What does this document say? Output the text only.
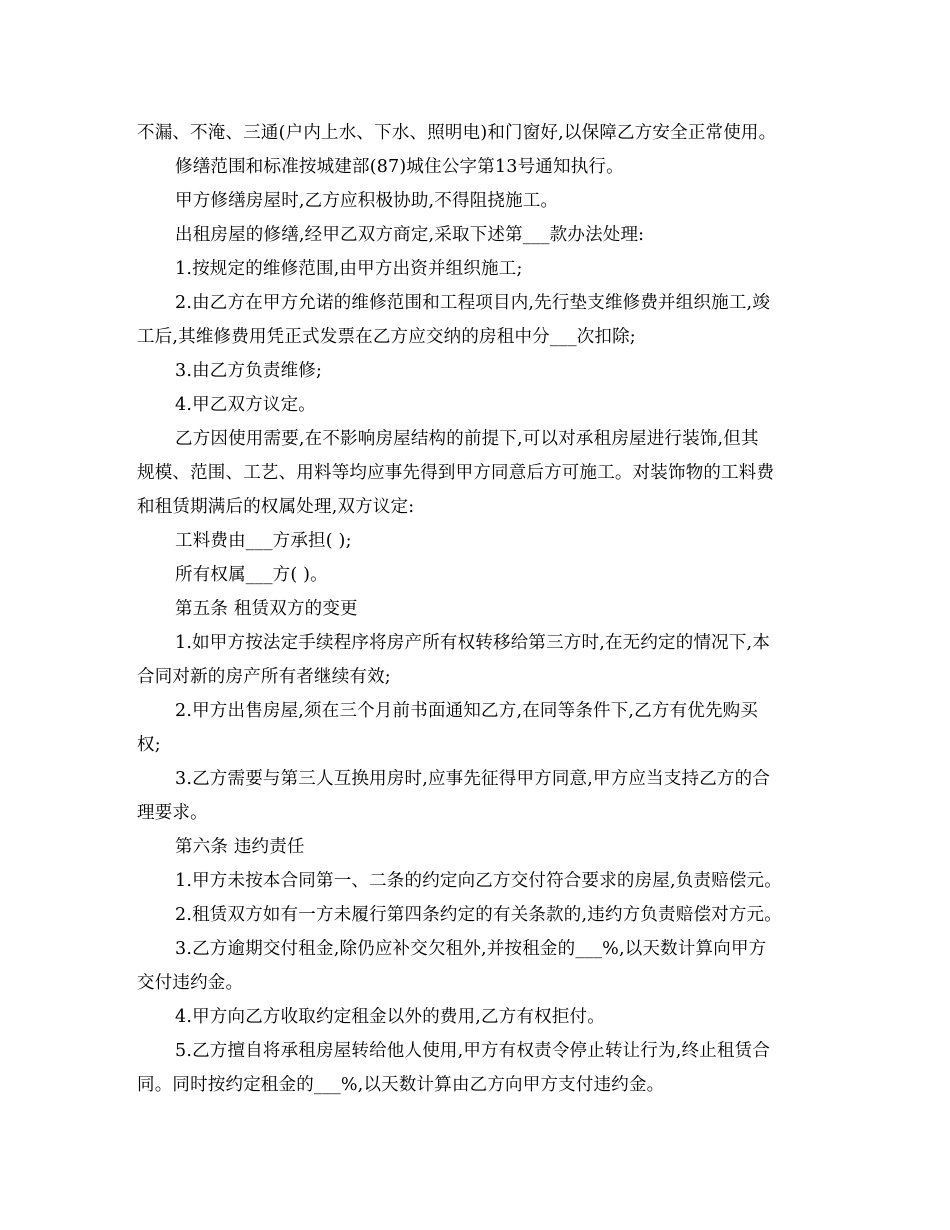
不漏、不淹、三通(户内上水、下水、照明电)和门窗好,以保障乙方安全正常使用。

修缮范围和标准按城建部(87)城住公字第13号通知执行。

甲方修缮房屋时,乙方应积极协助,不得阻挠施工。

出租房屋的修缮,经甲乙双方商定,采取下述第___款办法处理:

1.按规定的维修范围,由甲方出资并组织施工;

2.由乙方在甲方允诺的维修范围和工程项目内,先行垫支维修费并组织施工,竣

工后,其维修费用凭正式发票在乙方应交纳的房租中分___次扣除;

3.由乙方负责维修;

4.甲乙双方议定。

乙方因使用需要,在不影响房屋结构的前提下,可以对承租房屋进行装饰,但其

规模、范围、工艺、用料等均应事先得到甲方同意后方可施工。对装饰物的工料费

和租赁期满后的权属处理,双方议定:

工料费由___方承担( );

所有权属___方( )。

第五条 租赁双方的变更

1.如甲方按法定手续程序将房产所有权转移给第三方时,在无约定的情况下,本

合同对新的房产所有者继续有效;

2.甲方出售房屋,须在三个月前书面通知乙方,在同等条件下,乙方有优先购买

权;

3.乙方需要与第三人互换用房时,应事先征得甲方同意,甲方应当支持乙方的合

理要求。

第六条 违约责任

1.甲方未按本合同第一、二条的约定向乙方交付符合要求的房屋,负责赔偿元。

2.租赁双方如有一方未履行第四条约定的有关条款的,违约方负责赔偿对方元。

3.乙方逾期交付租金,除仍应补交欠租外,并按租金的___%,以天数计算向甲方

交付违约金。

4.甲方向乙方收取约定租金以外的费用,乙方有权拒付。

5.乙方擅自将承租房屋转给他人使用,甲方有权责令停止转让行为,终止租赁合

同。同时按约定租金的___%,以天数计算由乙方向甲方支付违约金。
